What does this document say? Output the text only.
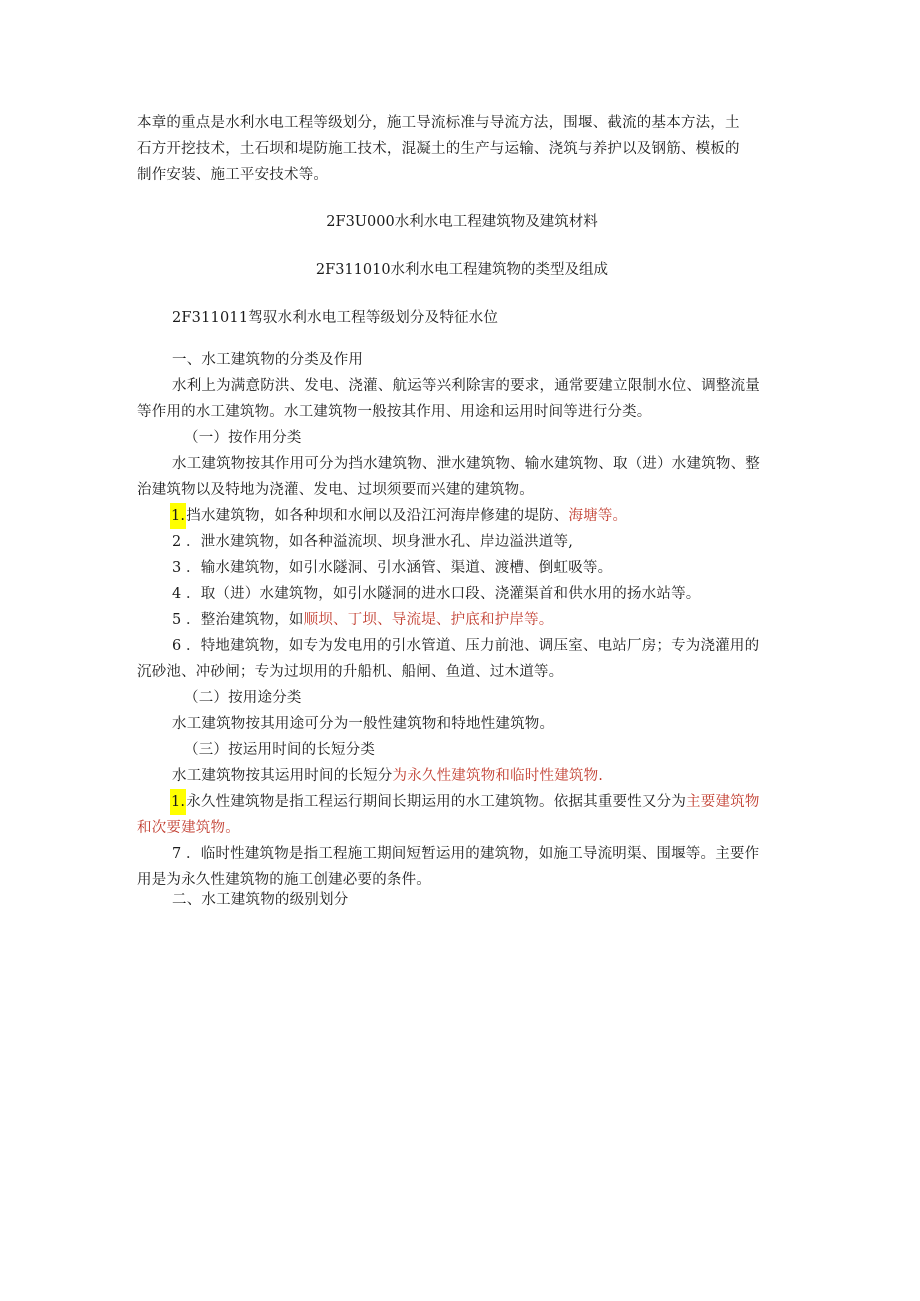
本章的重点是水利水电工程等级划分，施工导流标准与导流方法，围堰、截流的基本方法，土
石方开挖技术，土石坝和堤防施工技术，混凝土的生产与运输、浇筑与养护以及钢筋、模板的
制作安装、施工平安技术等。
2F3U000水利水电工程建筑物及建筑材料
2F311010水利水电工程建筑物的类型及组成
2F311011驾驭水利水电工程等级划分及特征水位
一、水工建筑物的分类及作用
水利上为满意防洪、发电、浇灌、航运等兴利除害的要求，通常要建立限制水位、调整流量
等作用的水工建筑物。水工建筑物一般按其作用、用途和运用时间等进行分类。
（一）按作用分类
水工建筑物按其作用可分为挡水建筑物、泄水建筑物、输水建筑物、取（进）水建筑物、整
治建筑物以及特地为浇灌、发电、过坝须要而兴建的建筑物。
1.挡水建筑物，如各种坝和水闸以及沿江河海岸修建的堤防、海塘等。
2 ．泄水建筑物，如各种溢流坝、坝身泄水孔、岸边溢洪道等,
3 ．输水建筑物，如引水隧洞、引水涵管、渠道、渡槽、倒虹吸等。
4 ．取（进）水建筑物，如引水隧洞的进水口段、浇灌渠首和供水用的扬水站等。
5 ．整治建筑物，如顺坝、丁坝、导流堤、护底和护岸等。
6 ．特地建筑物，如专为发电用的引水管道、压力前池、调压室、电站厂房；专为浇灌用的
沉砂池、冲砂闸；专为过坝用的升船机、船闸、鱼道、过木道等。
（二）按用途分类
水工建筑物按其用途可分为一般性建筑物和特地性建筑物。
（三）按运用时间的长短分类
水工建筑物按其运用时间的长短分为永久性建筑物和临时性建筑物.
1.永久性建筑物是指工程运行期间长期运用的水工建筑物。依据其重要性又分为主要建筑物
和次要建筑物。
7 ．临时性建筑物是指工程施工期间短暂运用的建筑物，如施工导流明渠、围堰等。主要作
用是为永久性建筑物的施工创建必要的条件。
二、水工建筑物的级别划分
